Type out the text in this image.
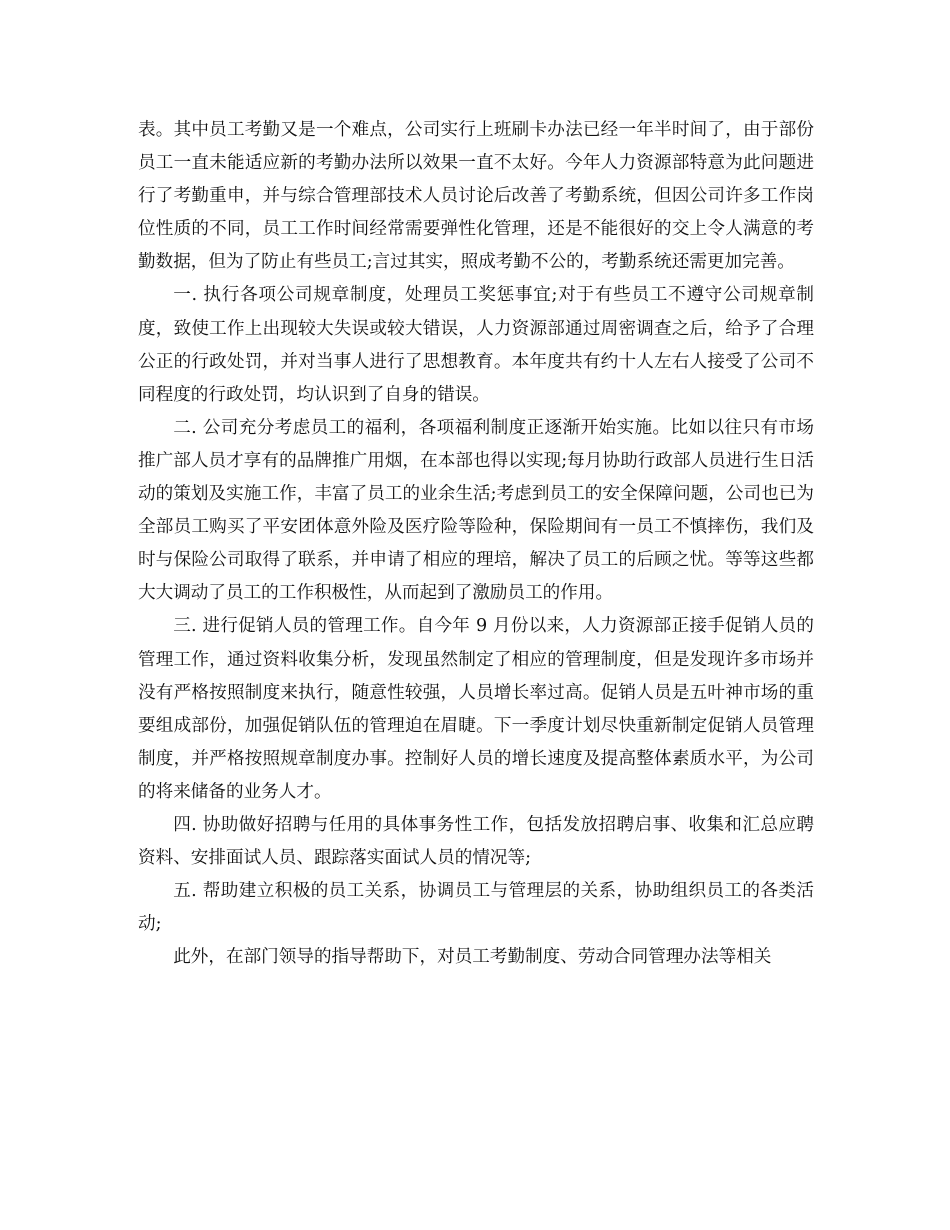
表。其中员工考勤又是一个难点，公司实行上班刷卡办法已经一年半时间了，由于部份员工一直未能适应新的考勤办法所以效果一直不太好。今年人力资源部特意为此问题进行了考勤重申，并与综合管理部技术人员讨论后改善了考勤系统，但因公司许多工作岗位性质的不同，员工工作时间经常需要弹性化管理，还是不能很好的交上令人满意的考勤数据，但为了防止有些员工;言过其实，照成考勤不公的，考勤系统还需更加完善。

一. 执行各项公司规章制度，处理员工奖惩事宜;对于有些员工不遵守公司规章制度，致使工作上出现较大失误或较大错误，人力资源部通过周密调查之后，给予了合理公正的行政处罚，并对当事人进行了思想教育。本年度共有约十人左右人接受了公司不同程度的行政处罚，均认识到了自身的错误。

二. 公司充分考虑员工的福利，各项福利制度正逐渐开始实施。比如以往只有市场推广部人员才享有的品牌推广用烟，在本部也得以实现;每月协助行政部人员进行生日活动的策划及实施工作，丰富了员工的业余生活;考虑到员工的安全保障问题，公司也已为全部员工购买了平安团体意外险及医疗险等险种，保险期间有一员工不慎摔伤，我们及时与保险公司取得了联系，并申请了相应的理培，解决了员工的后顾之忧。等等这些都大大调动了员工的工作积极性，从而起到了激励员工的作用。

三. 进行促销人员的管理工作。自今年 9 月份以来，人力资源部正接手促销人员的管理工作，通过资料收集分析，发现虽然制定了相应的管理制度，但是发现许多市场并没有严格按照制度来执行，随意性较强，人员增长率过高。促销人员是五叶神市场的重要组成部份，加强促销队伍的管理迫在眉睫。下一季度计划尽快重新制定促销人员管理制度，并严格按照规章制度办事。控制好人员的增长速度及提高整体素质水平，为公司的将来储备的业务人才。

四. 协助做好招聘与任用的具体事务性工作，包括发放招聘启事、收集和汇总应聘资料、安排面试人员、跟踪落实面试人员的情况等;

五. 帮助建立积极的员工关系，协调员工与管理层的关系，协助组织员工的各类活动;

此外，在部门领导的指导帮助下，对员工考勤制度、劳动合同管理办法等相关
